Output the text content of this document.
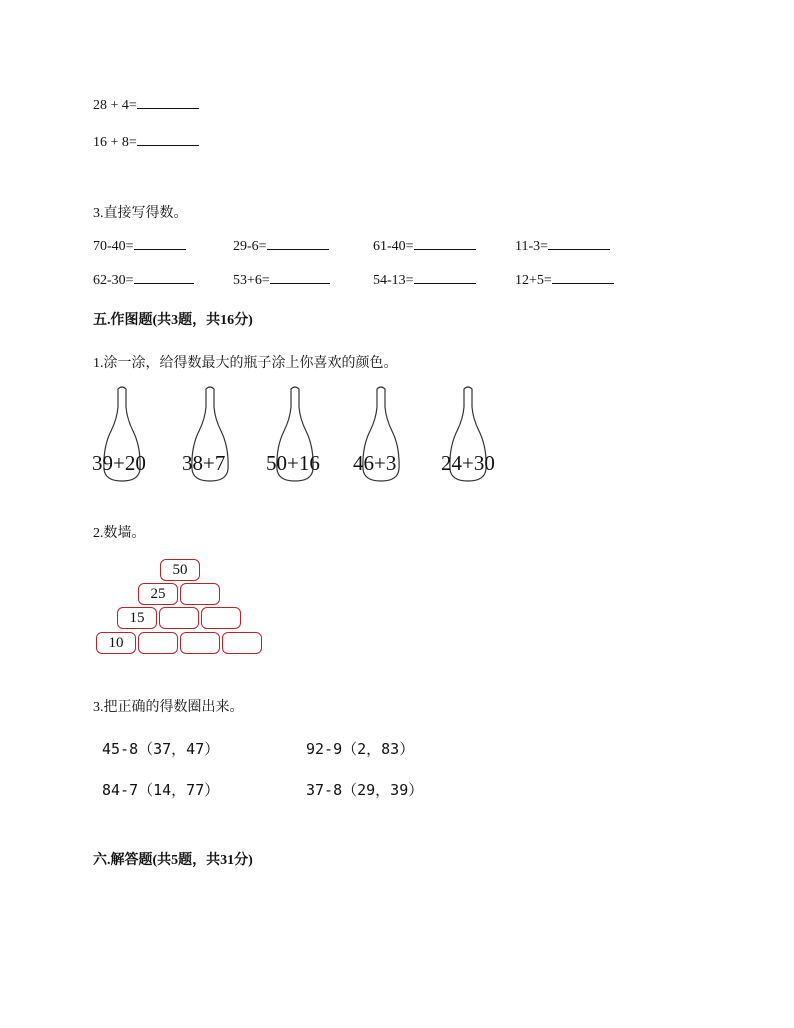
28 + 4=
16 + 8=
3.直接写得数。
70-40=	29-6=	61-40=	11-3=
62-30=	53+6=	54-13=	12+5=
五.作图题(共3题，共16分)
1.涂一涂，给得数最大的瓶子涂上你喜欢的颜色。
39+20 38+7 50+16 46+3 24+30
2.数墙。
50
25
15
10
3.把正确的得数圈出来。
45-8（37，47）	92-9（2，83）
84-7（14，77）	37-8（29，39）
六.解答题(共5题，共31分)
